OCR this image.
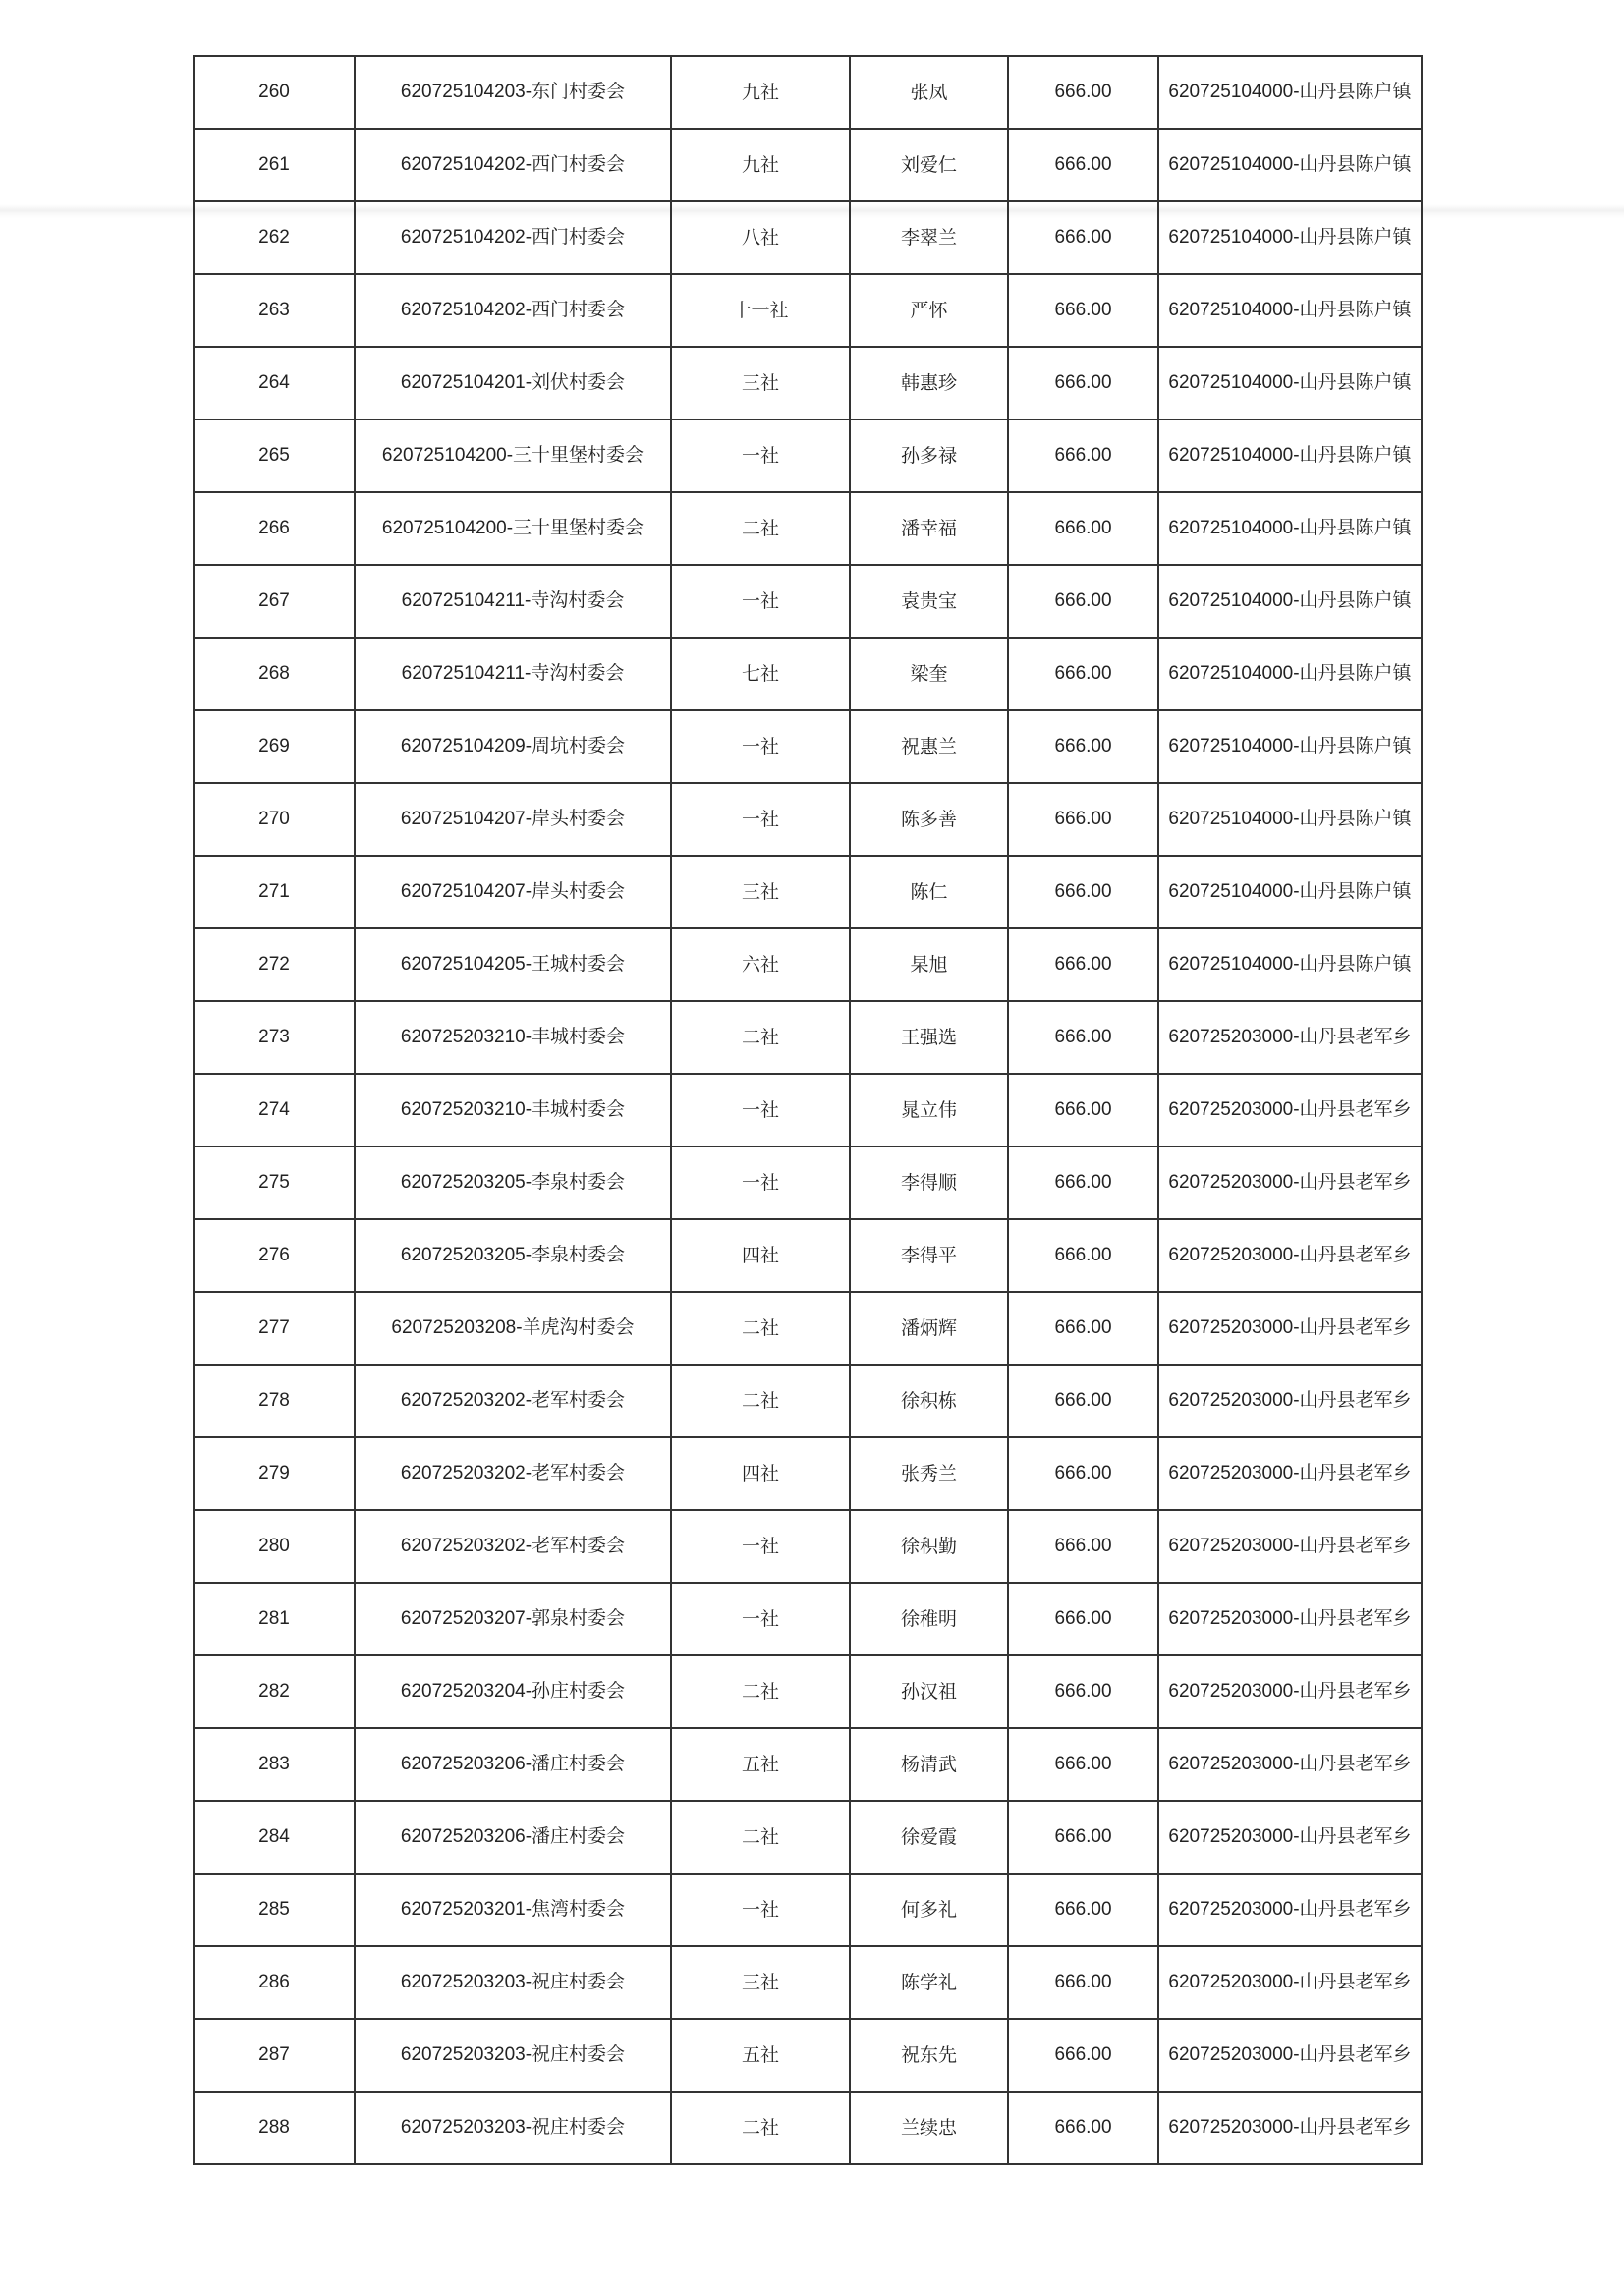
260	620725104203-东门村委会	九社	张凤	666.00	620725104000-山丹县陈户镇
261	620725104202-西门村委会	九社	刘爱仁	666.00	620725104000-山丹县陈户镇
262	620725104202-西门村委会	八社	李翠兰	666.00	620725104000-山丹县陈户镇
263	620725104202-西门村委会	十一社	严怀	666.00	620725104000-山丹县陈户镇
264	620725104201-刘伏村委会	三社	韩惠珍	666.00	620725104000-山丹县陈户镇
265	620725104200-三十里堡村委会	一社	孙多禄	666.00	620725104000-山丹县陈户镇
266	620725104200-三十里堡村委会	二社	潘幸福	666.00	620725104000-山丹县陈户镇
267	620725104211-寺沟村委会	一社	袁贵宝	666.00	620725104000-山丹县陈户镇
268	620725104211-寺沟村委会	七社	梁奎	666.00	620725104000-山丹县陈户镇
269	620725104209-周坑村委会	一社	祝惠兰	666.00	620725104000-山丹县陈户镇
270	620725104207-岸头村委会	一社	陈多善	666.00	620725104000-山丹县陈户镇
271	620725104207-岸头村委会	三社	陈仁	666.00	620725104000-山丹县陈户镇
272	620725104205-王城村委会	六社	杲旭	666.00	620725104000-山丹县陈户镇
273	620725203210-丰城村委会	二社	王强选	666.00	620725203000-山丹县老军乡
274	620725203210-丰城村委会	一社	晁立伟	666.00	620725203000-山丹县老军乡
275	620725203205-李泉村委会	一社	李得顺	666.00	620725203000-山丹县老军乡
276	620725203205-李泉村委会	四社	李得平	666.00	620725203000-山丹县老军乡
277	620725203208-羊虎沟村委会	二社	潘炳辉	666.00	620725203000-山丹县老军乡
278	620725203202-老军村委会	二社	徐积栋	666.00	620725203000-山丹县老军乡
279	620725203202-老军村委会	四社	张秀兰	666.00	620725203000-山丹县老军乡
280	620725203202-老军村委会	一社	徐积勤	666.00	620725203000-山丹县老军乡
281	620725203207-郭泉村委会	一社	徐稚明	666.00	620725203000-山丹县老军乡
282	620725203204-孙庄村委会	二社	孙汉祖	666.00	620725203000-山丹县老军乡
283	620725203206-潘庄村委会	五社	杨清武	666.00	620725203000-山丹县老军乡
284	620725203206-潘庄村委会	二社	徐爱霞	666.00	620725203000-山丹县老军乡
285	620725203201-焦湾村委会	一社	何多礼	666.00	620725203000-山丹县老军乡
286	620725203203-祝庄村委会	三社	陈学礼	666.00	620725203000-山丹县老军乡
287	620725203203-祝庄村委会	五社	祝东先	666.00	620725203000-山丹县老军乡
288	620725203203-祝庄村委会	二社	兰续忠	666.00	620725203000-山丹县老军乡
